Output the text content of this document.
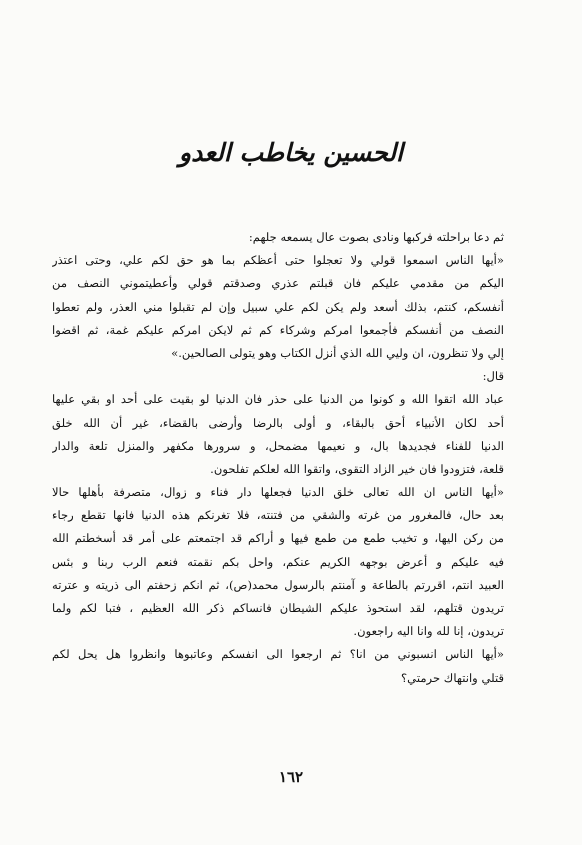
الحسين يخاطب العدو
ثم دعا براحلته فركبها ونادى بصوت عال يسمعه جلهم:
«أيها الناس اسمعوا قولي ولا تعجلوا حتى أعظكم بما هو حق لكم علي، وحتى اعتذر
اليكم من مقدمي عليكم فان قبلتم عذري وصدقتم قولي وأعطيتموني النصف من
أنفسكم، كنتم، بذلك أسعد ولم يكن لكم علي سبيل وإن لم تقبلوا مني العذر، ولم تعطوا
النصف من أنفسكم فأجمعوا امركم وشركاء كم ثم لايكن امركم عليكم غمة، ثم اقضوا
إلي ولا تنظرون، ان وليي الله الذي أنزل الكتاب وهو يتولى الصالحين.»
قال:
عباد الله اتقوا الله و كونوا من الدنيا على حذر فان الدنيا لو بقيت على أحد او بقي عليها
أحد لكان الأنبياء أحق بالبقاء، و أولى بالرضا وأرضى بالقضاء، غير أن الله خلق
الدنيا للفناء فجديدها بال، و نعيمها مضمحل، و سرورها مكفهر والمنزل تلعة والدار
قلعة، فتزودوا فان خير الزاد التقوى، واتقوا الله لعلكم تفلحون.
«أيها الناس ان الله تعالى خلق الدنيا فجعلها دار فناء و زوال، متصرفة بأهلها حالا
بعد حال، فالمغرور من غرته والشقي من فتنته، فلا تغرنكم هذه الدنيا فانها تقطع رجاء
من ركن اليها، و تخيب طمع من طمع فيها و أراكم قد اجتمعتم على أمر قد أسخطتم الله
فيه عليكم و أعرض بوجهه الكريم عنكم، واحل بكم نقمته فنعم الرب ربنا و بئس
العبيد انتم، اقررتم بالطاعة و آمنتم بالرسول محمد(ص)، ثم انكم زحفتم الى ذريته و عترته
تريدون قتلهم، لقد استحوذ عليكم الشيطان فانساكم ذكر الله العظيم ، فتبا لكم ولما
تريدون، إنا لله وانا اليه راجعون.
«أيها الناس انسبوني من انا؟ ثم ارجعوا الى انفسكم وعاتبوها وانظروا هل يحل لكم
قتلي وانتهاك حرمتي؟
١٦٢
